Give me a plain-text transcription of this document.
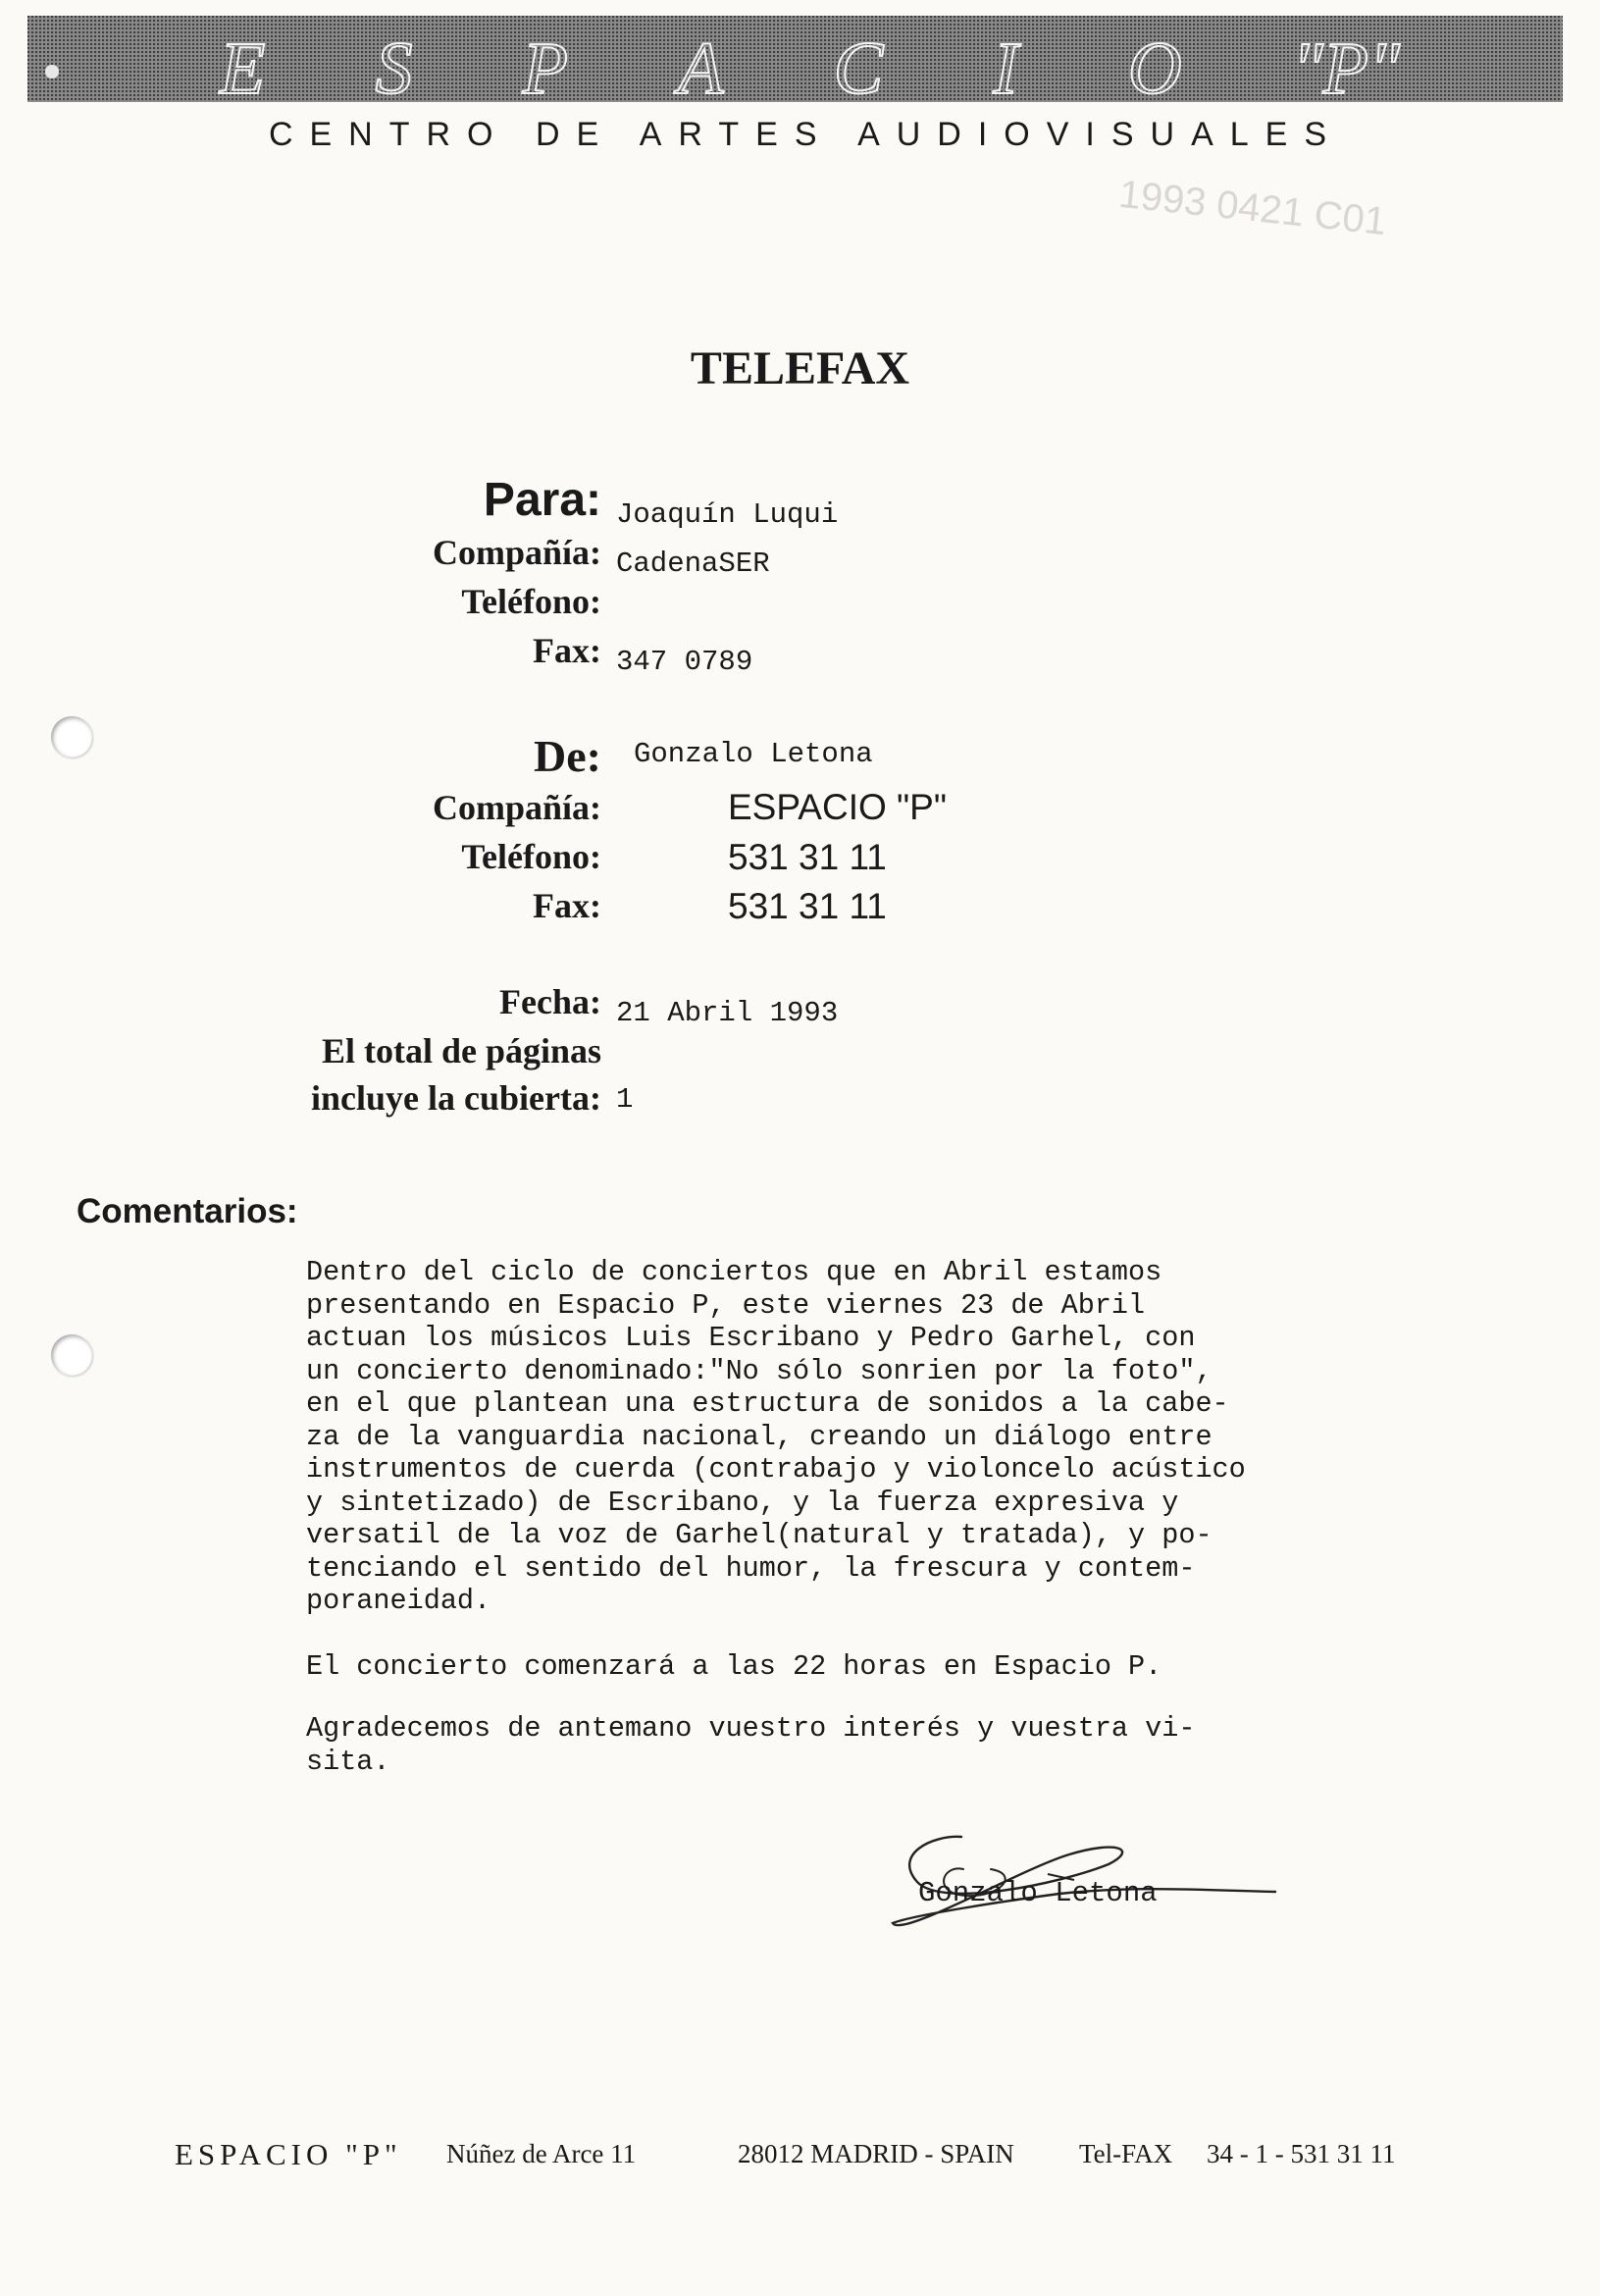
E S P A C I O "P"
CENTRO DE ARTES AUDIOVISUALES
1993 0421 C01
TELEFAX
Para: Joaquín Luqui
Compañía: CadenaSER
Teléfono:
Fax: 347 0789
De: Gonzalo Letona
Compañía:	ESPACIO "P"
Teléfono:	531 31 11
Fax:	531 31 11
Fecha: 21 Abril 1993
El total de páginas
incluye la cubierta: 1
Comentarios:

Dentro del ciclo de conciertos que en Abril estamos
presentando en Espacio P, este viernes 23 de Abril
actuan los músicos Luis Escribano y Pedro Garhel, con
un concierto denominado:"No sólo sonrien por la foto",
en el que plantean una estructura de sonidos a la cabe-
za de la vanguardia nacional, creando un diálogo entre
instrumentos de cuerda (contrabajo y violoncelo acústico
y sintetizado) de Escribano, y la fuerza expresiva y
versatil de la voz de Garhel(natural y tratada), y po-
tenciando el sentido del humor, la frescura y contem-
poraneidad.

El concierto comenzará a las 22 horas en Espacio P.

Agradecemos de antemano vuestro interés y vuestra vi-
sita.

Gonzalo Letona
ESPACIO "P" Núñez de Arce 11	28012 MADRID - SPAIN Tel-FAX 34 - 1 - 531 31 11
